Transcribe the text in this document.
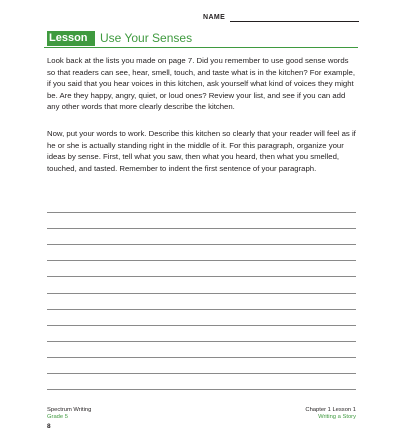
NAME
Lesson 1
Use Your Senses

Look back at the lists you made on page 7. Did you remember to use good sense words so that readers can see, hear, smell, touch, and taste what is in the kitchen? For example, if you said that you hear voices in this kitchen, ask yourself what kind of voices they might be. Are they happy, angry, quiet, or loud ones? Review your list, and see if you can add any other words that more clearly describe the kitchen.

Now, put your words to work. Describe this kitchen so clearly that your reader will feel as if he or she is actually standing right in the middle of it. For this paragraph, organize your ideas by sense. First, tell what you saw, then what you heard, then what you smelled, touched, and tasted. Remember to indent the first sentence of your paragraph.

Spectrum Writing
Grade 5
8
Chapter 1 Lesson 1
Writing a Story
